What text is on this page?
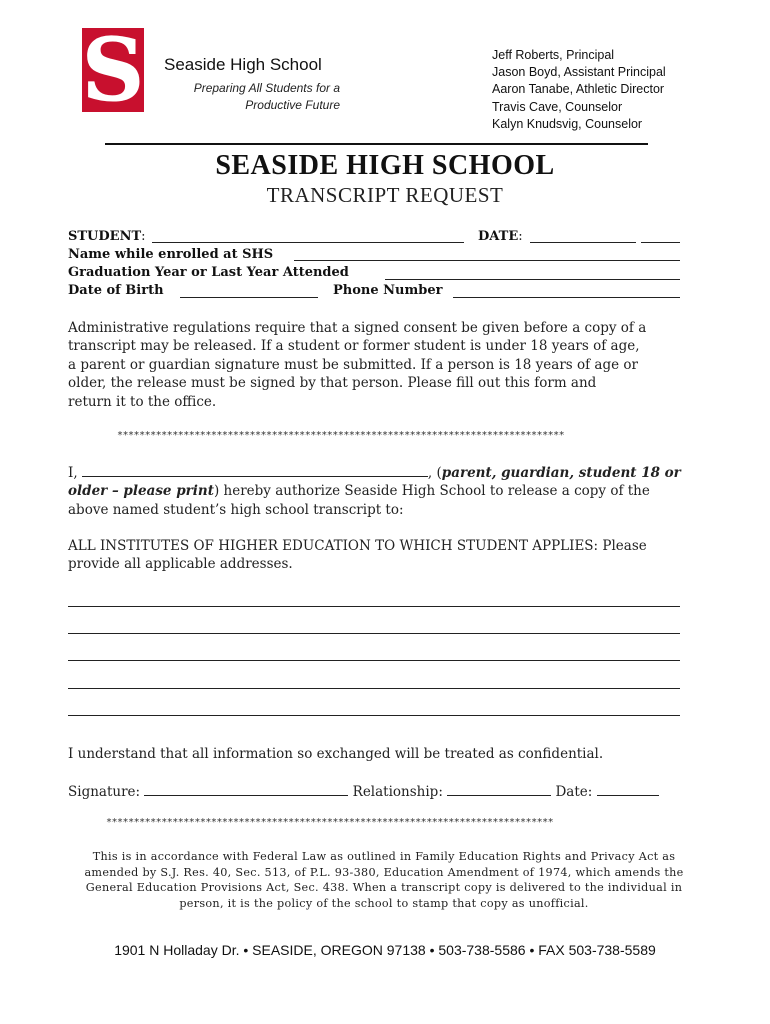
S Seaside High School
Preparing All Students for a
Productive Future
Jeff Roberts, Principal
Jason Boyd, Assistant Principal
Aaron Tanabe, Athletic Director
Travis Cave, Counselor
Kalyn Knudsvig, Counselor
SEASIDE HIGH SCHOOL
TRANSCRIPT REQUEST
STUDENT:	DATE:
Name while enrolled at SHS
Graduation Year or Last Year Attended
Date of Birth	Phone Number
Administrative regulations require that a signed consent be given before a copy of a
transcript may be released. If a student or former student is under 18 years of age,
a parent or guardian signature must be submitted. If a person is 18 years of age or
older, the release must be signed by that person. Please fill out this form and
return it to the office.
*********************************************************************************
I,	, (parent, guardian, student 18 or
older – please print) hereby authorize Seaside High School to release a copy of the
above named student’s high school transcript to:
ALL INSTITUTES OF HIGHER EDUCATION TO WHICH STUDENT APPLIES: Please
provide all applicable addresses.
I understand that all information so exchanged will be treated as confidential.
Signature:	Relationship:	Date:
*********************************************************************************
This is in accordance with Federal Law as outlined in Family Education Rights and Privacy Act as
amended by S.J. Res. 40, Sec. 513, of P.L. 93-380, Education Amendment of 1974, which amends the
General Education Provisions Act, Sec. 438. When a transcript copy is delivered to the individual in
person, it is the policy of the school to stamp that copy as unofficial.
1901 N Holladay Dr. • SEASIDE, OREGON 97138 • 503-738-5586 • FAX 503-738-5589
